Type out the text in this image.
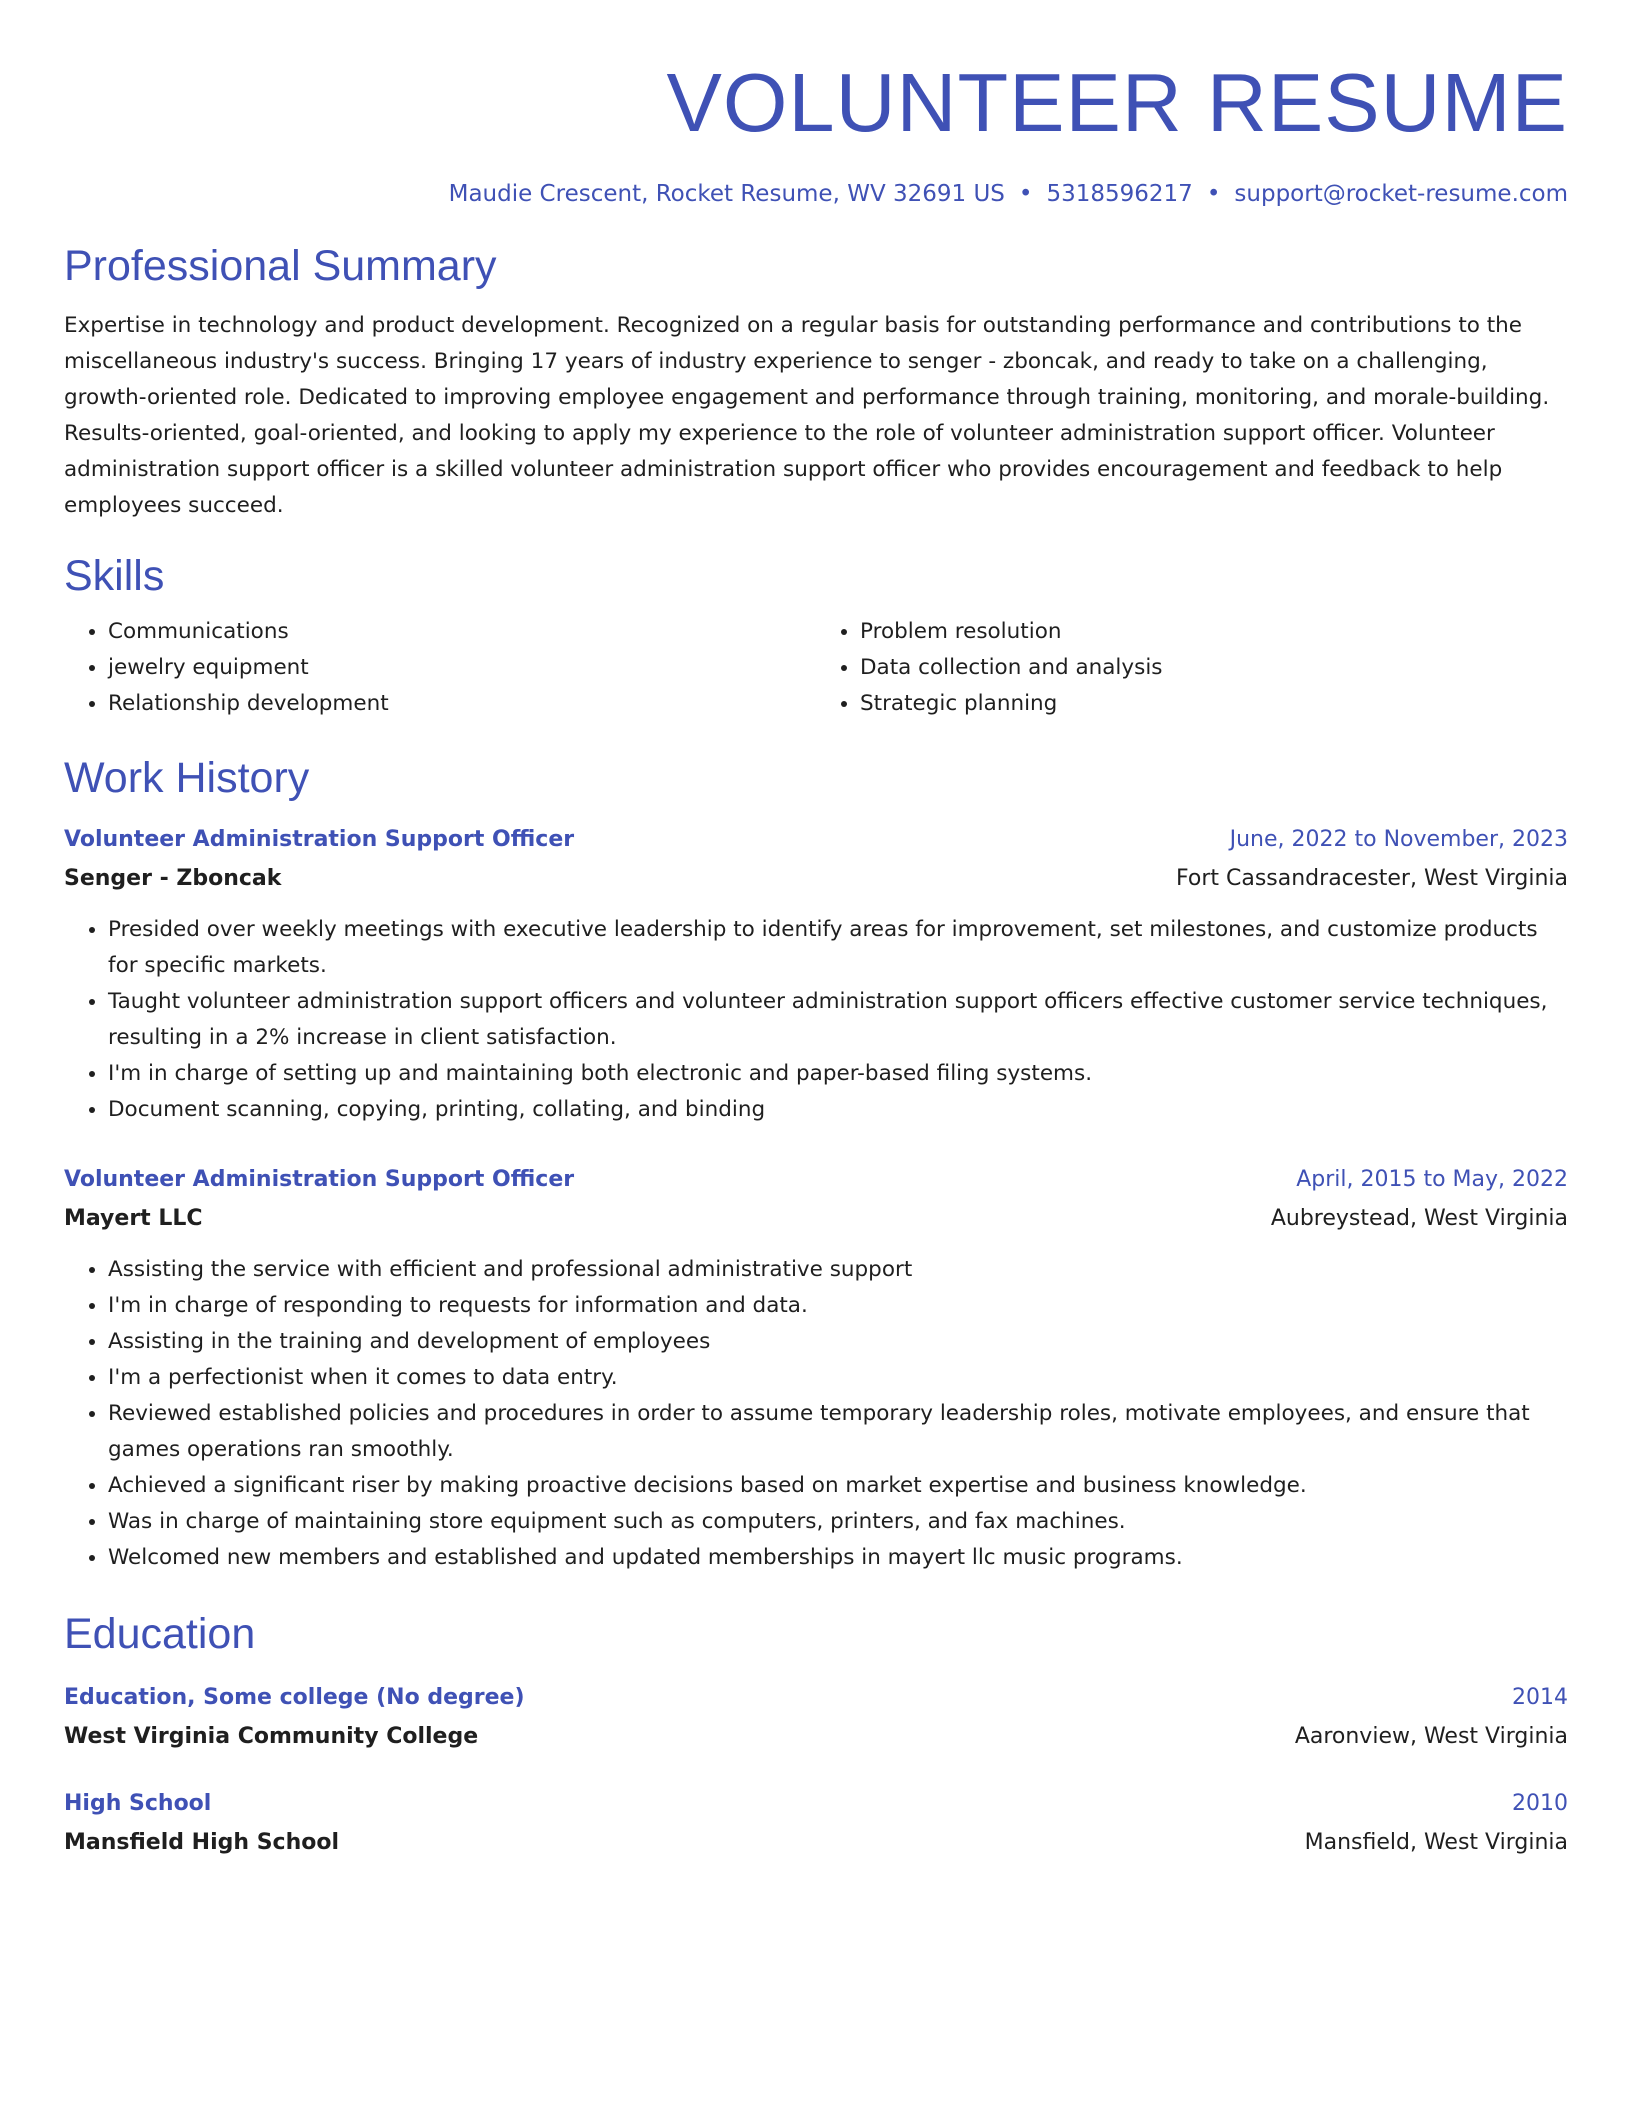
VOLUNTEER RESUME
Maudie Crescent, Rocket Resume, WV 32691 US • 5318596217 • support@rocket-resume.com
Professional Summary

Expertise in technology and product development. Recognized on a regular basis for outstanding performance and contributions to the miscellaneous industry's success. Bringing 17 years of industry experience to senger - zboncak, and ready to take on a challenging, growth-oriented role. Dedicated to improving employee engagement and performance through training, monitoring, and morale-building. Results-oriented, goal-oriented, and looking to apply my experience to the role of volunteer administration support officer. Volunteer administration support officer is a skilled volunteer administration support officer who provides encouragement and feedback to help employees succeed.

Skills
• Communications
• jewelry equipment
• Relationship development
• Problem resolution
• Data collection and analysis
• Strategic planning
Work History
Volunteer Administration Support Officer	June, 2022 to November, 2023
Senger - Zboncak	Fort Cassandracester, West Virginia
• Presided over weekly meetings with executive leadership to identify areas for improvement, set milestones, and customize products for specific markets.
• Taught volunteer administration support officers and volunteer administration support officers effective customer service techniques, resulting in a 2% increase in client satisfaction.
• I'm in charge of setting up and maintaining both electronic and paper-based filing systems.
• Document scanning, copying, printing, collating, and binding
Volunteer Administration Support Officer	April, 2015 to May, 2022
Mayert LLC	Aubreystead, West Virginia
• Assisting the service with efficient and professional administrative support
• I'm in charge of responding to requests for information and data.
• Assisting in the training and development of employees
• I'm a perfectionist when it comes to data entry.
• Reviewed established policies and procedures in order to assume temporary leadership roles, motivate employees, and ensure that games operations ran smoothly.
• Achieved a significant riser by making proactive decisions based on market expertise and business knowledge.
• Was in charge of maintaining store equipment such as computers, printers, and fax machines.
• Welcomed new members and established and updated memberships in mayert llc music programs.
Education
Education, Some college (No degree)	2014
West Virginia Community College	Aaronview, West Virginia
High School	2010
Mansfield High School	Mansfield, West Virginia
